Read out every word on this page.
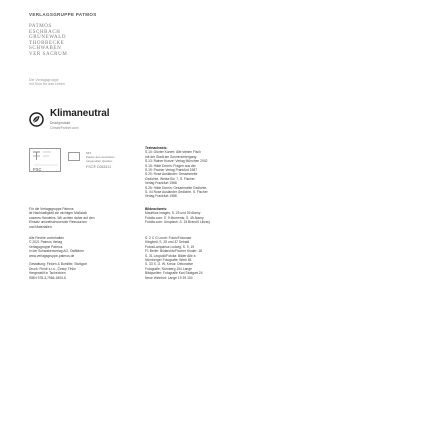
VERLAGSGRUPPE PATMOS
PATMOS
ESCHBACH
GRÜNEWALD
THORBECKE
SCHWABEN
VER SACRUM
Die Verlagsgruppe
mit Sinn für das Leben
Klimaneutral
Druckprodukt
ClimatePartner.com/
FSC
MIX
Papier aus verantwor-
tungsvollen Quellen
FSC® C083411
Textnachweis:
S.10: Günter Kunert: Alle sieben Fisch
mit der Stadt am Sonnenuntergang
S.13: Rainer Kunze: Verlag München 2002
S.15: Hilde Domin: Fragen aus der
S.19: Fischer Verlag Frankfurt 1987
S.20: Rose Ausländer: Gesammelte
Gedichte, Werke Bd. 7, S. Fischer
Verlag Frankfurt 1988
S.26: Hilde Domin: Gesammelte Gedichte,
S. 44 Rose Ausländer Gedichte, S. Fischer
Verlag Frankfurt 1988
Für die Verlagsgruppe Patmos
ist Nachhaltigkeit ein wichtiger Maßstab
unseres Handelns. Wir achten daher auf den
Einsatz umweltschonender Ressourcen
und Materialien.
Bildnachweis:
Mauritius images: S. 25 und 39 Alamy
Fotolia.com: S. 9 Moments; S. 49 Alamy
Fotolia.com: Unsplash: S. 15 BrandX Library
Alle Rechte vorbehalten
© 2021 Patmos Verlag
Verlagsgruppe Patmos
in der Schwabenverlag AG, Ostfildern
www.verlagsgruppe-patmos.de

Gestaltung: Finken & Bumiller, Stuttgart
Druck: Finidr s.r.o., Český Těšín
Hergestellt in Tschechien
ISBN 978-3-7966-1800-6
S. 2 C G Lumb: Fotos/Fotocase
Klingbeil: S. 25 und 37 Sebald
Fotos/Lamparius Ludwig: S. 9, 19
F1 Berlin: Bildarchiv/Fischer Kinder: 18
S. 31 Leopold/Fotolia: Bilder Alle a
Nürnberger Fotografie: Werk 84
S. 33 S. G. W. Kreuz: Dekorative
Fotografie, Nürnberg 154 Lange
Bildquellen: Fotografie Karl Stuttgart 24
Neue Weinfurt: Lange 19 39 104
